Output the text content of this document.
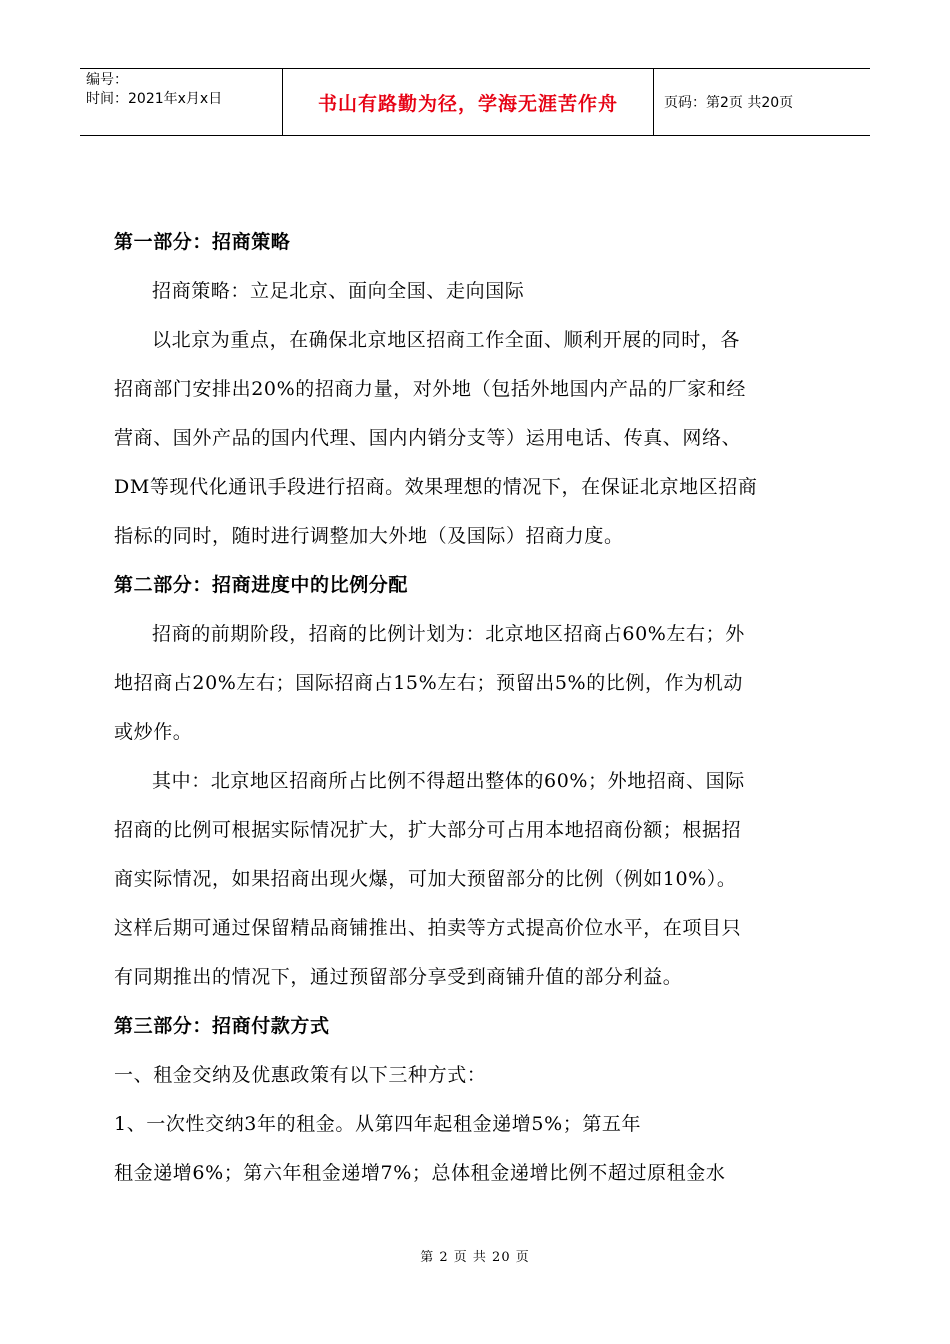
编号：
时间：2021年x月x日	书山有路勤为径，学海无涯苦作舟	页码：第2页 共20页
第一部分：招商策略
招商策略：立足北京、面向全国、走向国际
以北京为重点，在确保北京地区招商工作全面、顺利开展的同时，各
招商部门安排出20%的招商力量，对外地（包括外地国内产品的厂家和经
营商、国外产品的国内代理、国内内销分支等）运用电话、传真、网络、
DM等现代化通讯手段进行招商。效果理想的情况下，在保证北京地区招商
指标的同时，随时进行调整加大外地（及国际）招商力度。
第二部分：招商进度中的比例分配
招商的前期阶段，招商的比例计划为：北京地区招商占60%左右；外
地招商占20%左右；国际招商占15%左右；预留出5%的比例，作为机动
或炒作。
其中：北京地区招商所占比例不得超出整体的60%；外地招商、国际
招商的比例可根据实际情况扩大，扩大部分可占用本地招商份额；根据招
商实际情况，如果招商出现火爆，可加大预留部分的比例（例如10%）。
这样后期可通过保留精品商铺推出、拍卖等方式提高价位水平，在项目只
有同期推出的情况下，通过预留部分享受到商铺升值的部分利益。
第三部分：招商付款方式
一、租金交纳及优惠政策有以下三种方式：
1、一次性交纳3年的租金。从第四年起租金递增5%；第五年
租金递增6%；第六年租金递增7%；总体租金递增比例不超过原租金水
第 2 页 共 20 页
